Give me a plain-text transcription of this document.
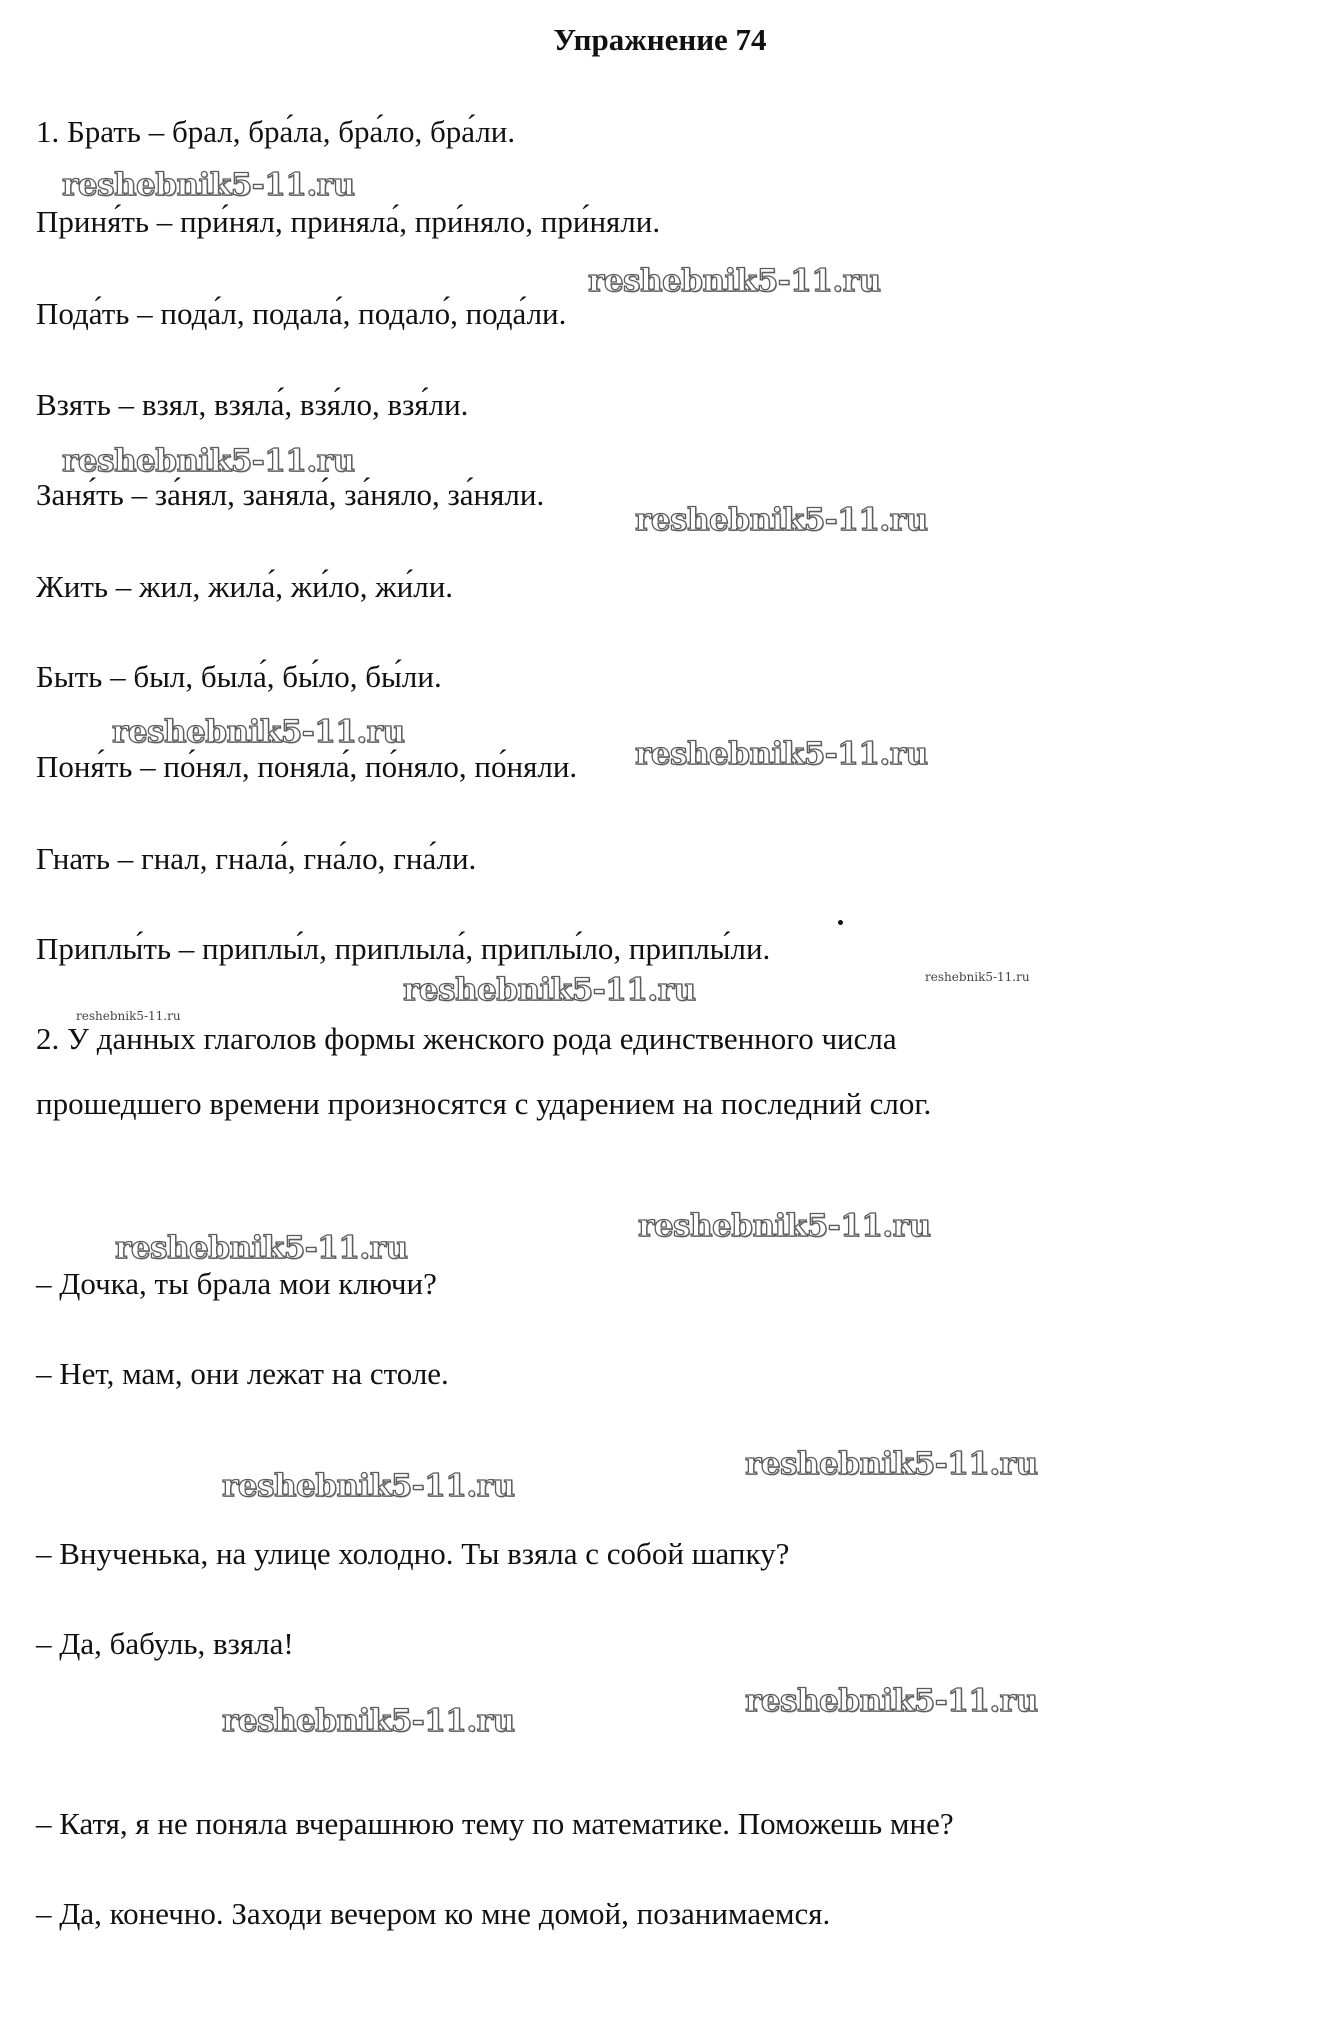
Упражнение 74
1. Брать – брал, бра́ла, бра́ло, бра́ли.
Приня́ть – при́нял, приняла́, при́няло, при́няли.
Пода́ть – пода́л, подала́, подало́, пода́ли.
Взять – взял, взяла́, взя́ло, взя́ли.
Заня́ть – за́нял, заняла́, за́няло, за́няли.
Жить – жил, жила́, жи́ло, жи́ли.
Быть – был, была́, бы́ло, бы́ли.
Поня́ть – по́нял, поняла́, по́няло, по́няли.
Гнать – гнал, гнала́, гна́ло, гна́ли.
Приплы́ть – приплы́л, приплыла́, приплы́ло, приплы́ли.
2. У данных глаголов формы женского рода единственного числа
прошедшего времени произносятся с ударением на последний слог.
– Дочка, ты брала мои ключи?
– Нет, мам, они лежат на столе.
– Внученька, на улице холодно. Ты взяла с собой шапку?
– Да, бабуль, взяла!
– Катя, я не поняла вчерашнюю тему по математике. Поможешь мне?
– Да, конечно. Заходи вечером ко мне домой, позанимаемся.
reshebnik5-11.ru
reshebnik5-11.ru
reshebnik5-11.ru
reshebnik5-11.ru
reshebnik5-11.ru
reshebnik5-11.ru
reshebnik5-11.ru
reshebnik5-11.ru
reshebnik5-11.ru
reshebnik5-11.ru
reshebnik5-11.ru
reshebnik5-11.ru
reshebnik5-11.ru
reshebnik5-11.ru
reshebnik5-11.ru
